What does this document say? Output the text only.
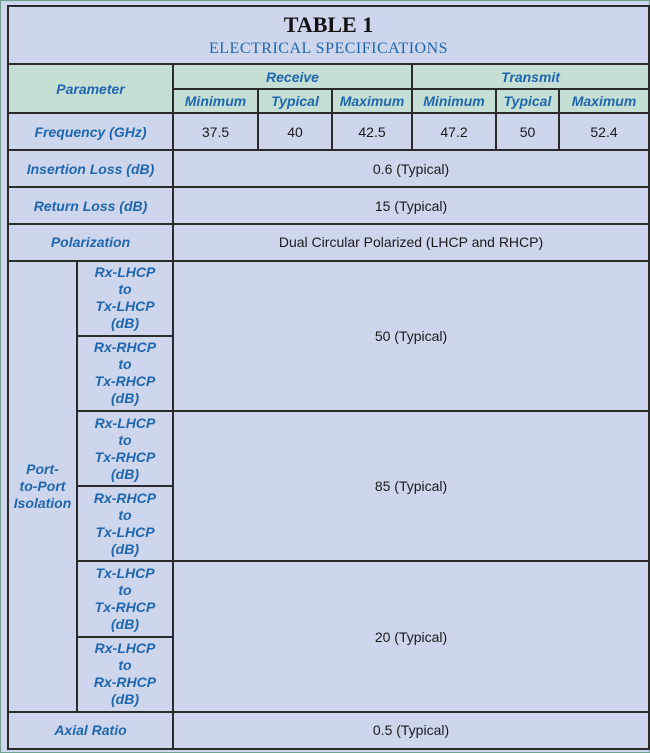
TABLE 1
ELECTRICAL SPECIFICATIONS							

Parameter		Receive			Transmit		
		Minimum	Typical	Maximum	Minimum	Typical	Maximum
Frequency (GHz)		37.5	40	42.5	47.2	50	52.4
Insertion Loss (dB)		0.6 (Typical)					
Return Loss (dB)		15 (Typical)					
Polarization		Dual Circular Polarized (LHCP and RHCP)					

Port-
to-Port
Isolation	Rx-LHCP
to
Tx-LHCP
(dB)	50 (Typical)					

	Rx-RHCP
to
Tx-RHCP
(dB)						

	Rx-LHCP
to
Tx-RHCP
(dB)	85 (Typical)					

	Rx-RHCP
to
Tx-LHCP
(dB)						

	Tx-LHCP
to
Tx-RHCP
(dB)	20 (Typical)					

	Rx-LHCP
to
Rx-RHCP
(dB)						

Axial Ratio		0.5 (Typical)					
